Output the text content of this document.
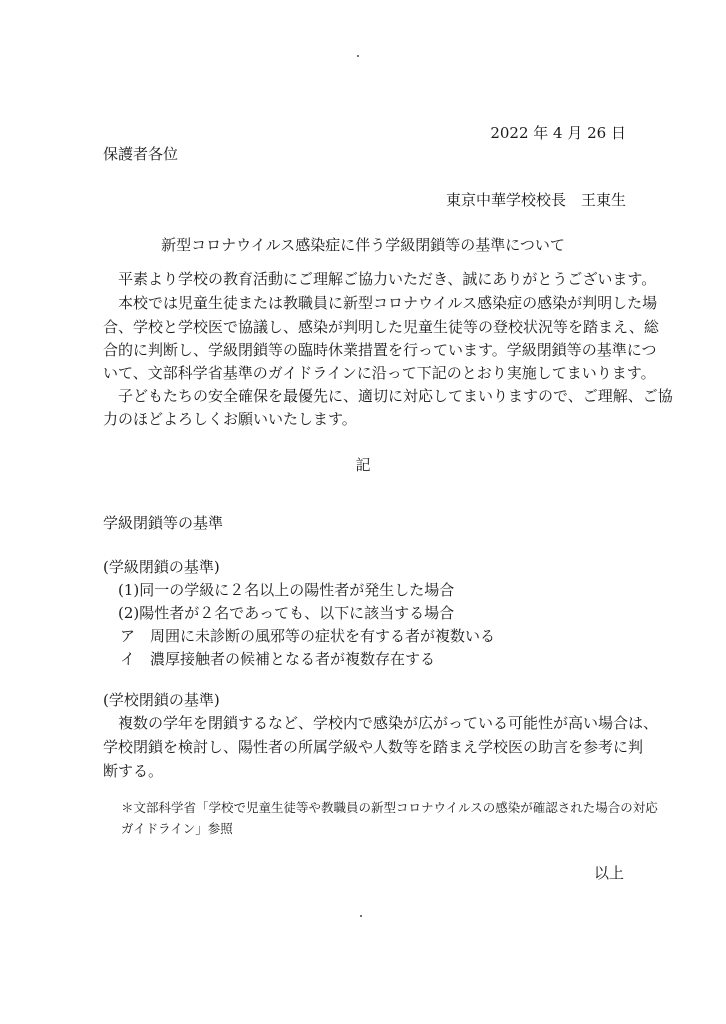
2022 年 4 月 26 日
保護者各位
東京中華学校校長　王東生
新型コロナウイルス感染症に伴う学級閉鎖等の基準について
　平素より学校の教育活動にご理解ご協力いただき、誠にありがとうございます。
　本校では児童生徒または教職員に新型コロナウイルス感染症の感染が判明した場
合、学校と学校医で協議し、感染が判明した児童生徒等の登校状況等を踏まえ、総
合的に判断し、学級閉鎖等の臨時休業措置を行っています。学級閉鎖等の基準につ
いて、文部科学省基準のガイドラインに沿って下記のとおり実施してまいります。
　子どもたちの安全確保を最優先に、適切に対応してまいりますので、ご理解、ご協
力のほどよろしくお願いいたします。
記
学級閉鎖等の基準
(学級閉鎖の基準)
(1)同一の学級に２名以上の陽性者が発生した場合
(2)陽性者が２名であっても、以下に該当する場合
ア　周囲に未診断の風邪等の症状を有する者が複数いる
イ　濃厚接触者の候補となる者が複数存在する
(学校閉鎖の基準)
　複数の学年を閉鎖するなど、学校内で感染が広がっている可能性が高い場合は、
学校閉鎖を検討し、陽性者の所属学級や人数等を踏まえ学校医の助言を参考に判
断する。
＊文部科学省「学校で児童生徒等や教職員の新型コロナウイルスの感染が確認された場合の対応
ガイドライン」参照
以上
